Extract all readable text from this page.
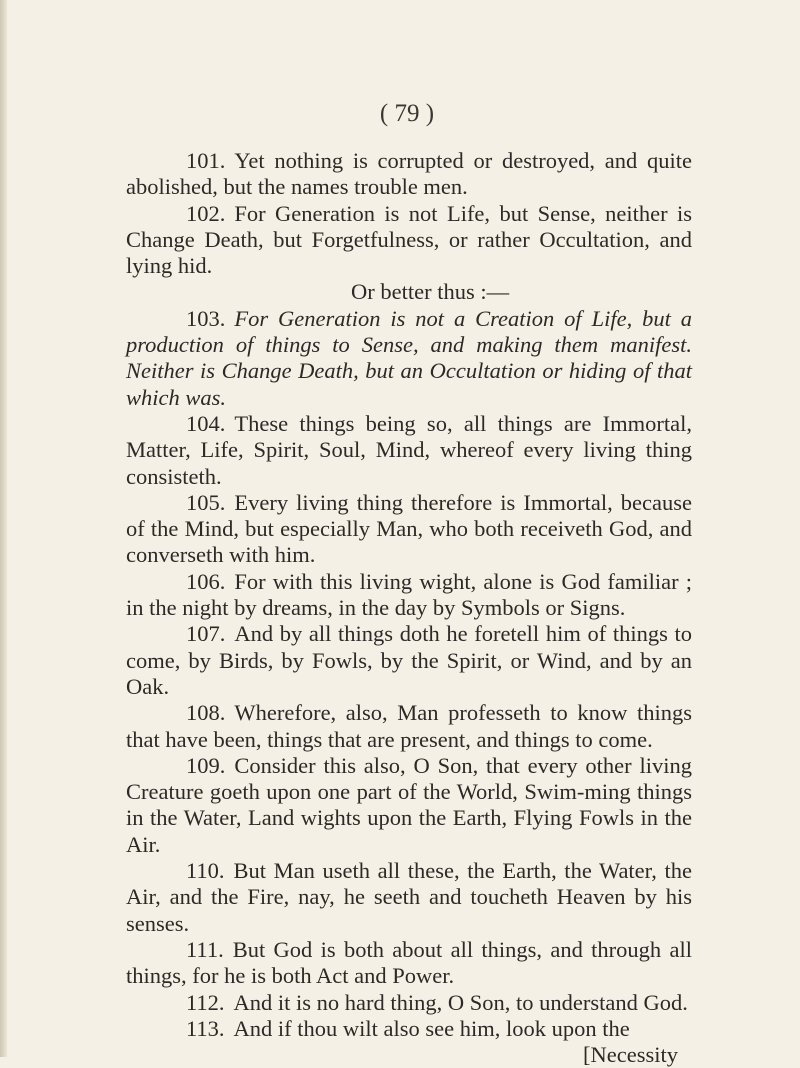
( 79 )

101. Yet nothing is corrupted or destroyed, and quite abolished, but the names trouble men.

102. For Generation is not Life, but Sense, neither is Change Death, but Forgetfulness, or rather Occultation, and lying hid.

Or better thus :—

103. For Generation is not a Creation of Life, but a production of things to Sense, and making them manifest. Neither is Change Death, but an Occultation or hiding of that which was.

104. These things being so, all things are Immortal, Matter, Life, Spirit, Soul, Mind, whereof every living thing consisteth.

105. Every living thing therefore is Immortal, because of the Mind, but especially Man, who both receiveth God, and converseth with him.

106. For with this living wight, alone is God familiar ; in the night by dreams, in the day by Symbols or Signs.

107. And by all things doth he foretell him of things to come, by Birds, by Fowls, by the Spirit, or Wind, and by an Oak.

108. Wherefore, also, Man professeth to know things that have been, things that are present, and things to come.

109. Consider this also, O Son, that every other living Creature goeth upon one part of the World, Swim-ming things in the Water, Land wights upon the Earth, Flying Fowls in the Air.

110. But Man useth all these, the Earth, the Water, the Air, and the Fire, nay, he seeth and toucheth Heaven by his senses.

111. But God is both about all things, and through all things, for he is both Act and Power.

112. And it is no hard thing, O Son, to understand God.

113. And if thou wilt also see him, look upon the

[Necessity
